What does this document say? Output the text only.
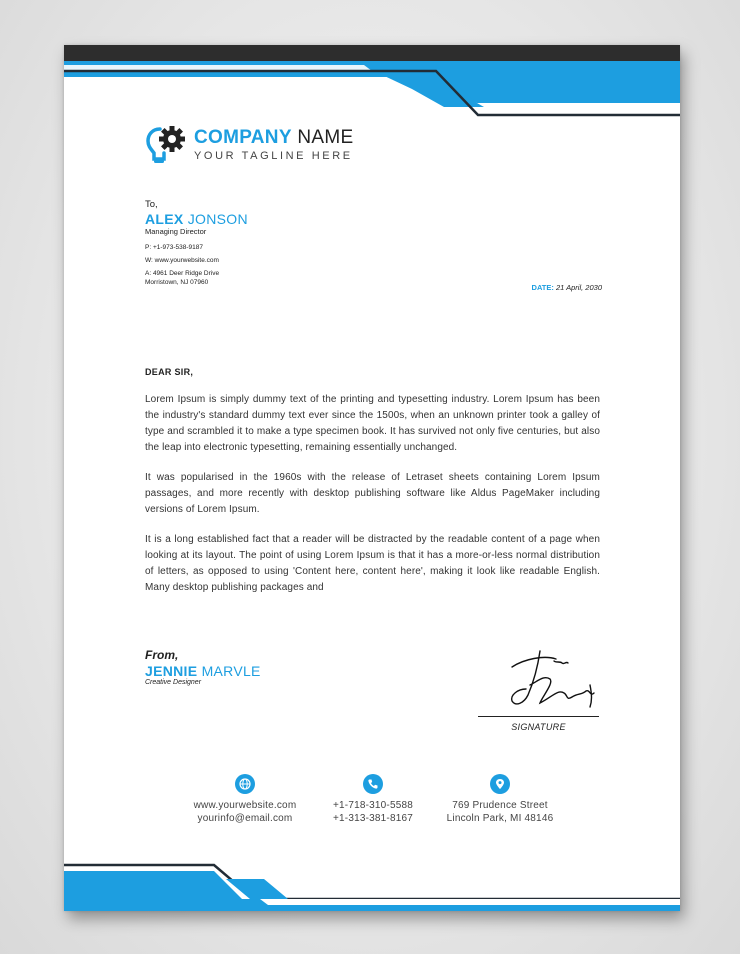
COMPANY NAME
YOUR TAGLINE HERE
To,
ALEX JONSON
Managing Director
P: +1-973-538-9187
W: www.yourwebsite.com
A: 4961 Deer Ridge Drive
Morristown, NJ 07960
DATE: 21 April, 2030
DEAR SIR,

Lorem Ipsum is simply dummy text of the printing and typesetting industry. Lorem Ipsum has been the industry's standard dummy text ever since the 1500s, when an unknown printer took a galley of type and scrambled it to make a type specimen book. It has survived not only five centuries, but also the leap into electronic typesetting, remaining essentially unchanged.

It was popularised in the 1960s with the release of Letraset sheets containing Lorem Ipsum passages, and more recently with desktop publishing software like Aldus PageMaker including versions of Lorem Ipsum.

It is a long established fact that a reader will be distracted by the readable content of a page when looking at its layout. The point of using Lorem Ipsum is that it has a more-or-less normal distribution of letters, as opposed to using 'Content here, content here', making it look like readable English. Many desktop publishing packages and

From,
JENNIE MARVLE
Creative Designer
SIGNATURE
www.yourwebsite.com
yourinfo@email.com
+1-718-310-5588
+1-313-381-8167
769 Prudence Street
Lincoln Park, MI 48146
